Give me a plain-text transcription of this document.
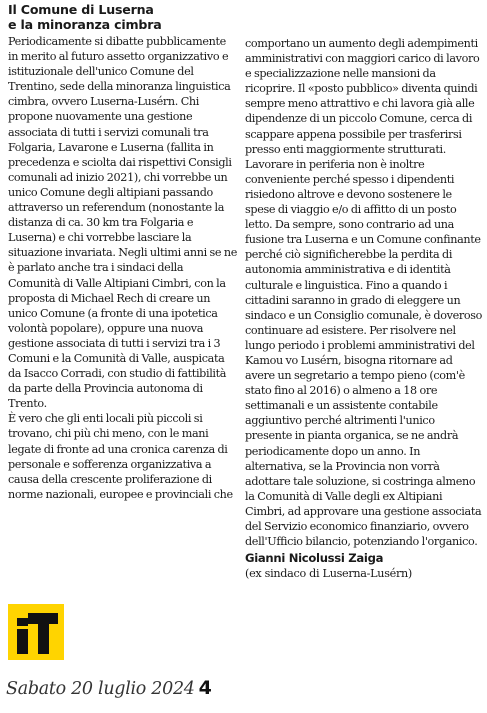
Il Comune di Luserna
e la minoranza cimbra

Periodicamente si dibatte pubblicamente in merito al futuro assetto organizzativo e istituzionale dell'unico Comune del Trentino, sede della minoranza linguistica cimbra, ovvero Luserna-Lusérn. Chi propone nuovamente una gestione associata di tutti i servizi comunali tra Folgaria, Lavarone e Luserna (fallita in precedenza e sciolta dai rispettivi Consigli comunali ad inizio 2021), chi vorrebbe un unico Comune degli altipiani passando attraverso un referendum (nonostante la distanza di ca. 30 km tra Folgaria e Luserna) e chi vorrebbe lasciare la situazione invariata. Negli ultimi anni se ne è parlato anche tra i sindaci della Comunità di Valle Altipiani Cimbri, con la proposta di Michael Rech di creare un unico Comune (a fronte di una ipotetica volontà popolare), oppure una nuova gestione associata di tutti i servizi tra i 3 Comuni e la Comunità di Valle, auspicata da Isacco Corradi, con studio di fattibilità da parte della Provincia autonoma di Trento.

È vero che gli enti locali più piccoli si trovano, chi più chi meno, con le mani legate di fronte ad una cronica carenza di personale e sofferenza organizzativa a causa della crescente proliferazione di norme nazionali, europee e provinciali che

comportano un aumento degli adempimenti amministrativi con maggiori carico di lavoro e specializzazione nelle mansioni da ricoprire. Il «posto pubblico» diventa quindi sempre meno attrattivo e chi lavora già alle dipendenze di un piccolo Comune, cerca di scappare appena possibile per trasferirsi presso enti maggiormente strutturati. Lavorare in periferia non è inoltre conveniente perché spesso i dipendenti risiedono altrove e devono sostenere le spese di viaggio e/o di affitto di un posto letto. Da sempre, sono contrario ad una fusione tra Luserna e un Comune confinante perché ciò significherebbe la perdita di autonomia amministrativa e di identità culturale e linguistica. Fino a quando i cittadini saranno in grado di eleggere un sindaco e un Consiglio comunale, è doveroso continuare ad esistere. Per risolvere nel lungo periodo i problemi amministrativi del Kamou vo Lusérn, bisogna ritornare ad avere un segretario a tempo pieno (com'è stato fino al 2016) o almeno a 18 ore settimanali e un assistente contabile aggiuntivo perché altrimenti l'unico presente in pianta organica, se ne andrà periodicamente dopo un anno. In alternativa, se la Provincia non vorrà adottare tale soluzione, si costringa almeno la Comunità di Valle degli ex Altipiani Cimbri, ad approvare una gestione associata del Servizio economico finanziario, ovvero dell'Ufficio bilancio, potenziando l'organico.

Gianni Nicolussi Zaiga
(ex sindaco di Luserna-Lusérn)
Sabato 20 luglio 2024 4
